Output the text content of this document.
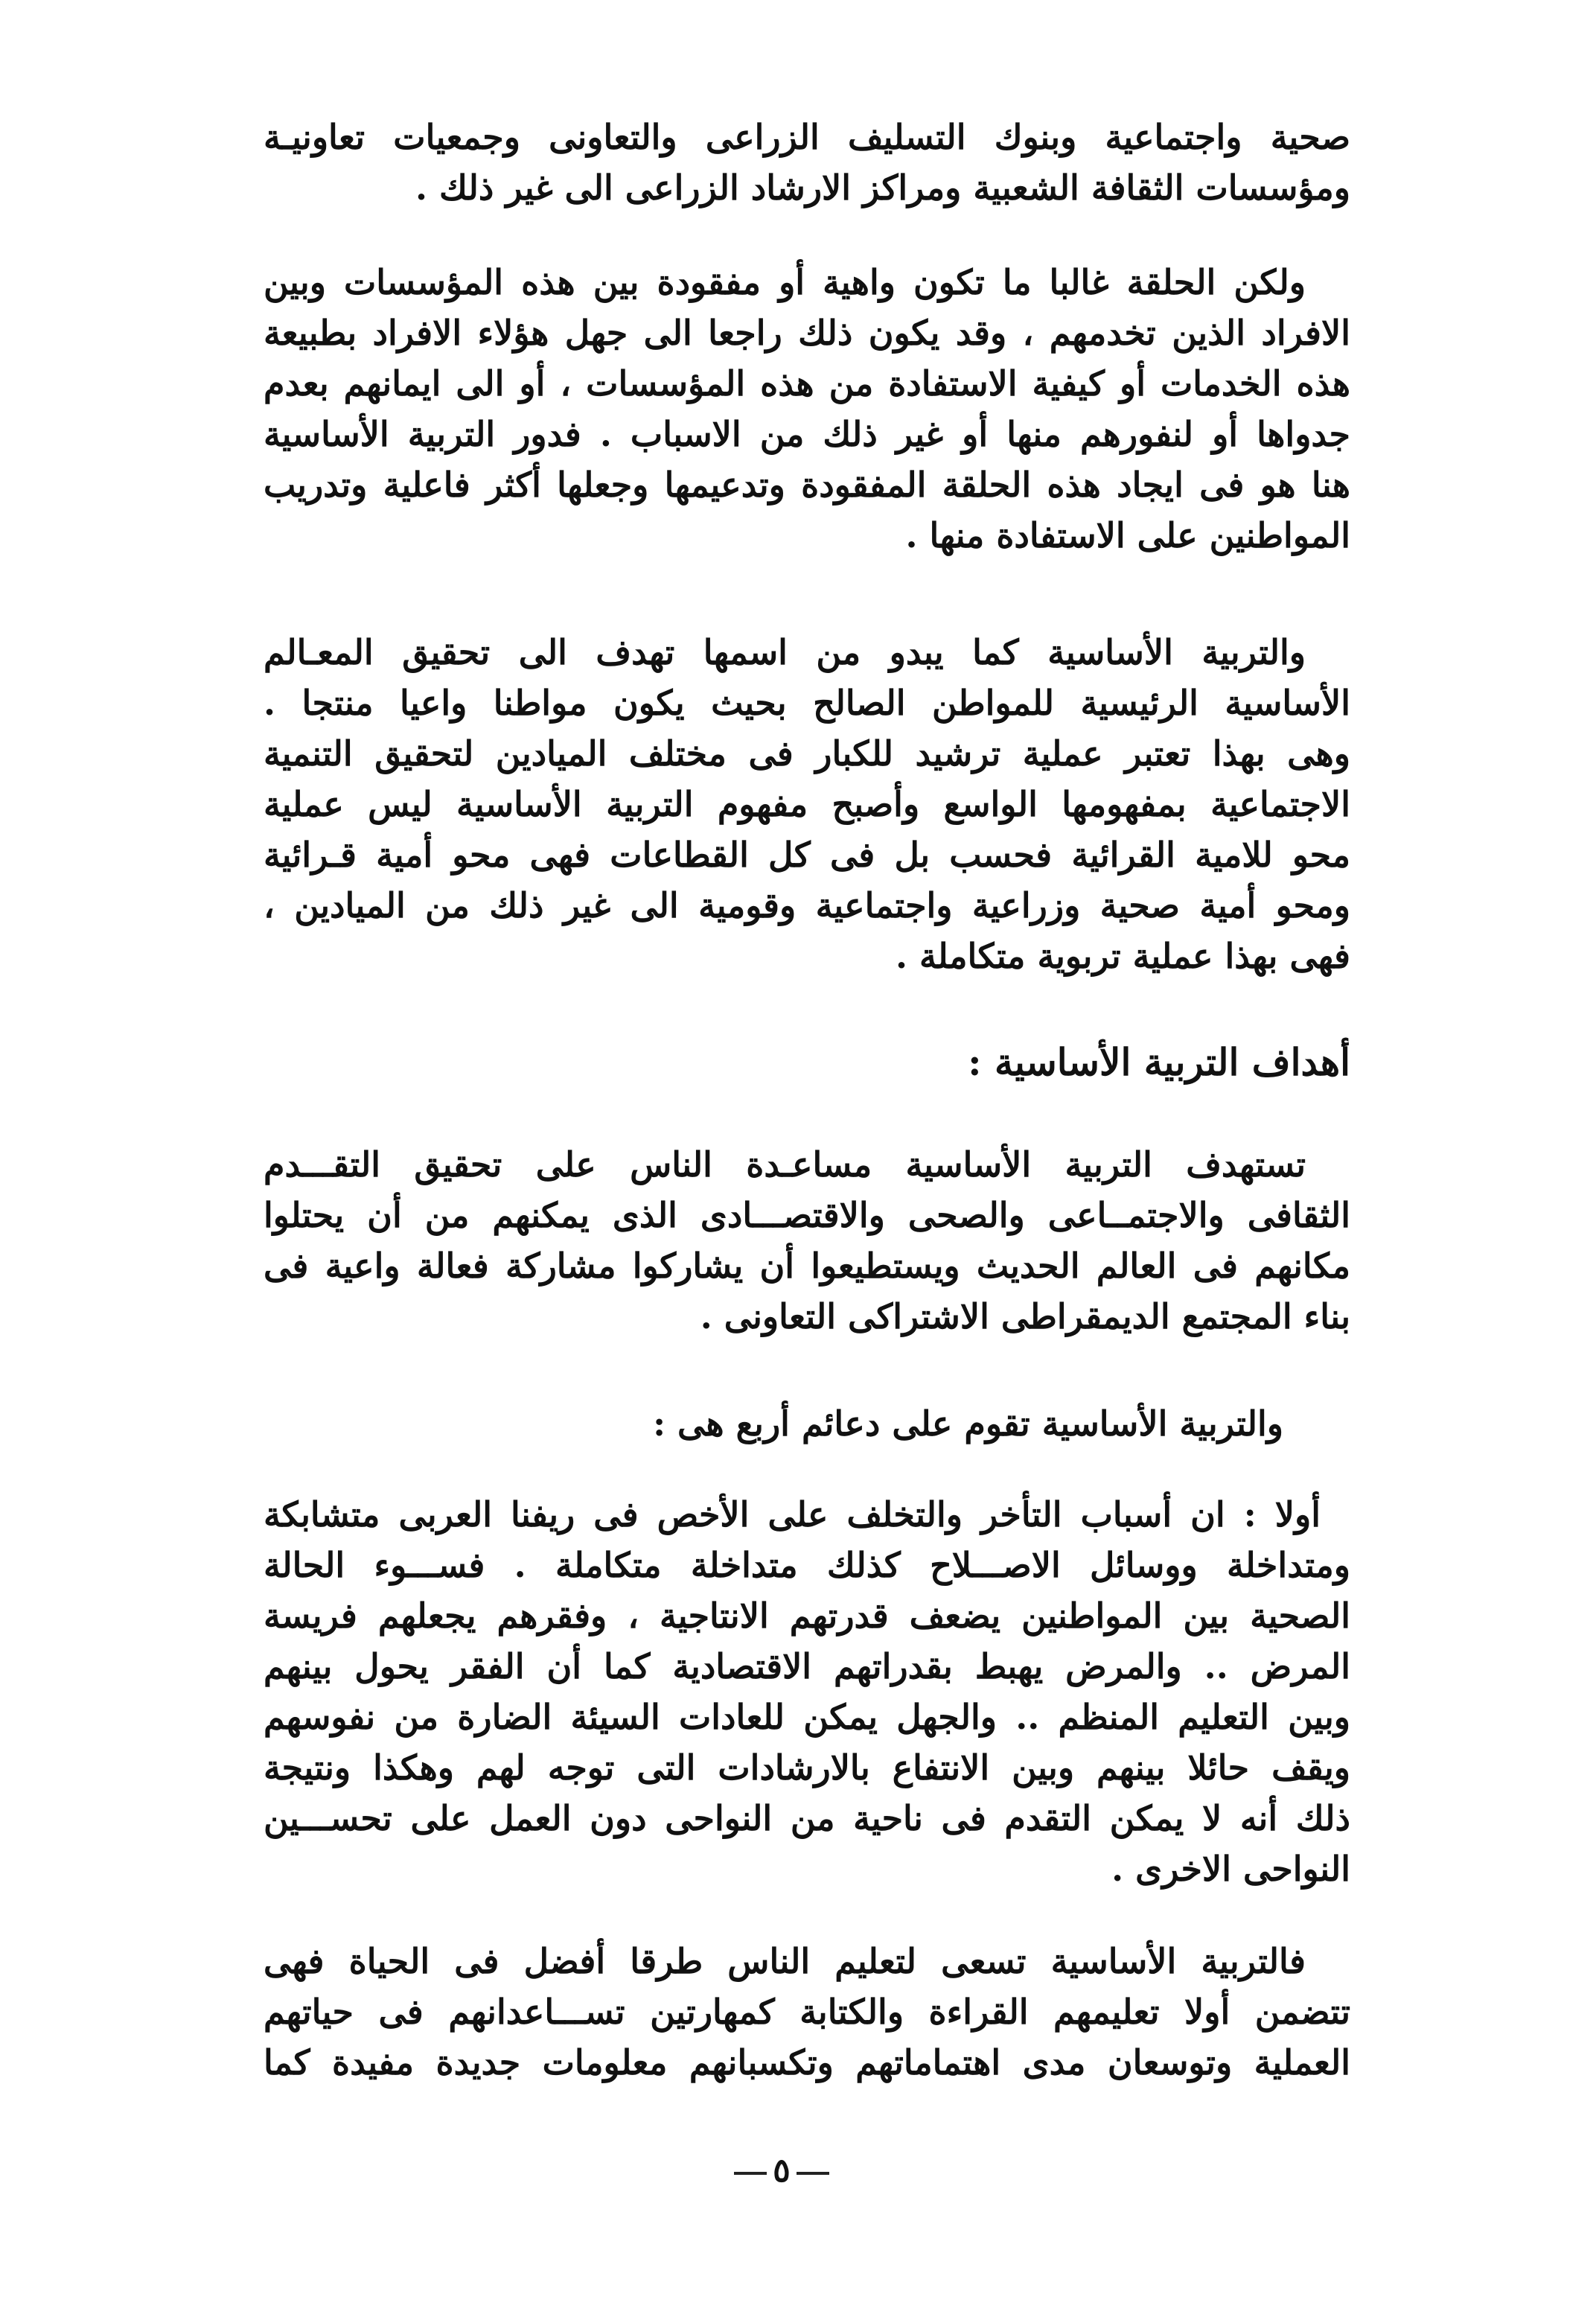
صحية واجتماعية وبنوك التسليف الزراعى والتعاونى وجمعيات تعاونيـة
ومؤسسات الثقافة الشعبية ومراكز الارشاد الزراعى الى غير ذلك .
ولكن الحلقة غالبا ما تكون واهية أو مفقودة بين هذه المؤسسات وبين
الافراد الذين تخدمهم ، وقد يكون ذلك راجعا الى جهل هؤلاء الافراد بطبيعة
هذه الخدمات أو كيفية الاستفادة من هذه المؤسسات ، أو الى ايمانهم بعدم
جدواها أو لنفورهم منها أو غير ذلك من الاسباب . فدور التربية الأساسية
هنا هو فى ايجاد هذه الحلقة المفقودة وتدعيمها وجعلها أكثر فاعلية وتدريب
المواطنين على الاستفادة منها .
والتربية الأساسية كما يبدو من اسمها تهدف الى تحقيق المعـالم
الأساسية الرئيسية للمواطن الصالح بحيث يكون مواطنا واعيا منتجا .
وهى بهذا تعتبر عملية ترشيد للكبار فى مختلف الميادين لتحقيق التنمية
الاجتماعية بمفهومها الواسع وأصبح مفهوم التربية الأساسية ليس عملية
محو للامية القرائية فحسب بل فى كل القطاعات فهى محو أمية قـرائية
ومحو أمية صحية وزراعية واجتماعية وقومية الى غير ذلك من الميادين ،
فهى بهذا عملية تربوية متكاملة .
أهداف التربية الأساسية :
تستهدف التربية الأساسية مساعـدة الناس على تحقيق التقـــدم
الثقافى والاجتمــاعى والصحى والاقتصـــادى الذى يمكنهم من أن يحتلوا
مكانهم فى العالم الحديث ويستطيعوا أن يشاركوا مشاركة فعالة واعية فى
بناء المجتمع الديمقراطى الاشتراكى التعاونى .
والتربية الأساسية تقوم على دعائم أربع هى :
أولا : ان أسباب التأخر والتخلف على الأخص فى ريفنا العربى متشابكة
ومتداخلة ووسائل الاصـــلاح كذلك متداخلة متكاملة . فســـوء الحالة
الصحية بين المواطنين يضعف قدرتهم الانتاجية ، وفقرهم يجعلهم فريسة
المرض .. والمرض يهبط بقدراتهم الاقتصادية كما أن الفقر يحول بينهم
وبين التعليم المنظم .. والجهل يمكن للعادات السيئة الضارة من نفوسهم
ويقف حائلا بينهم وبين الانتفاع بالارشادات التى توجه لهم وهكذا ونتيجة
ذلك أنه لا يمكن التقدم فى ناحية من النواحى دون العمل على تحســـين
النواحى الاخرى .
فالتربية الأساسية تسعى لتعليم الناس طرقا أفضل فى الحياة فهى
تتضمن أولا تعليمهم القراءة والكتابة كمهارتين تســـاعدانهم فى حياتهم
العملية وتوسعان مدى اهتماماتهم وتكسبانهم معلومات جديدة مفيدة كما
٥
